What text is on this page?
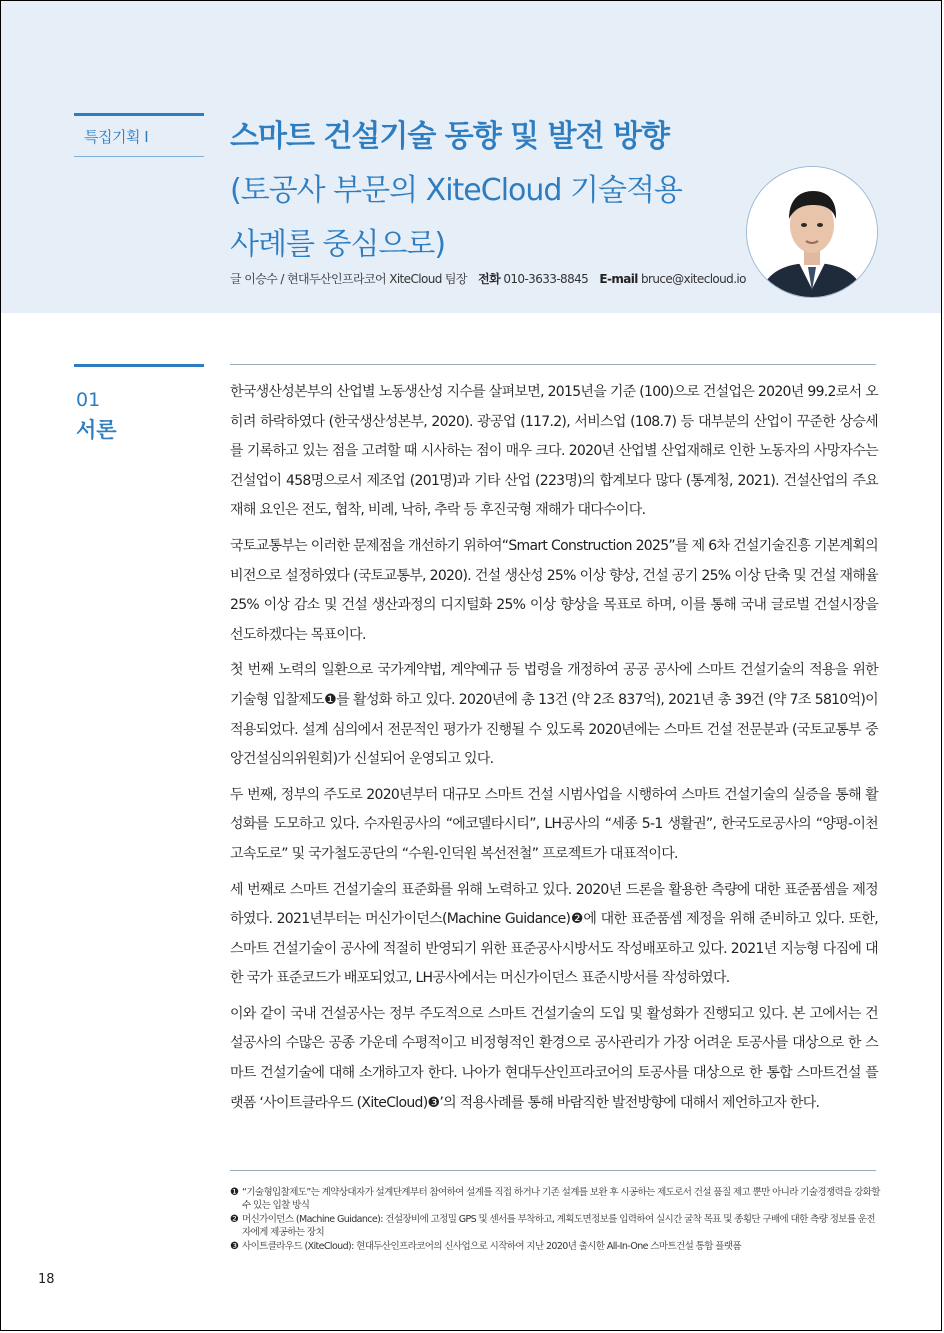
특집기획 I	스마트 건설기술 동향 및 발전 방향
(토공사 부문의 XiteCloud 기술적용
사례를 중심으로)
글 이승수 / 현대두산인프라코어 XiteCloud 팀장 전화 010-3633-8845 E-mail bruce@xitecloud.io
01
서론

한국생산성본부의 산업별 노동생산성 지수를 살펴보면, 2015년을 기준 (100)으로 건설업은 2020년 99.2로서 오히려 하락하였다 (한국생산성본부, 2020). 광공업 (117.2), 서비스업 (108.7) 등 대부분의 산업이 꾸준한 상승세를 기록하고 있는 점을 고려할 때 시사하는 점이 매우 크다. 2020년 산업별 산업재해로 인한 노동자의 사망자수는 건설업이 458명으로서 제조업 (201명)과 기타 산업 (223명)의 합계보다 많다 (통계청, 2021). 건설산업의 주요 재해 요인은 전도, 협착, 비례, 낙하, 추락 등 후진국형 재해가 대다수이다.

국토교통부는 이러한 문제점을 개선하기 위하여“Smart Construction 2025”를 제 6차 건설기술진흥 기본계획의 비전으로 설정하였다 (국토교통부, 2020). 건설 생산성 25% 이상 향상, 건설 공기 25% 이상 단축 및 건설 재해율 25% 이상 감소 및 건설 생산과정의 디지털화 25% 이상 향상을 목표로 하며, 이를 통해 국내 글로벌 건설시장을 선도하겠다는 목표이다.

첫 번째 노력의 일환으로 국가계약법, 계약예규 등 법령을 개정하여 공공 공사에 스마트 건설기술의 적용을 위한 기술형 입찰제도❶를 활성화 하고 있다. 2020년에 총 13건 (약 2조 837억), 2021년 총 39건 (약 7조 5810억)이 적용되었다. 설계 심의에서 전문적인 평가가 진행될 수 있도록 2020년에는 스마트 건설 전문분과 (국토교통부 중앙건설심의위원회)가 신설되어 운영되고 있다.

두 번째, 정부의 주도로 2020년부터 대규모 스마트 건설 시범사업을 시행하여 스마트 건설기술의 실증을 통해 활성화를 도모하고 있다. 수자원공사의 “에코델타시티”, LH공사의 “세종 5-1 생활권”, 한국도로공사의 “양평-이천 고속도로” 및 국가철도공단의 “수원-인덕원 복선전철” 프로젝트가 대표적이다.

세 번째로 스마트 건설기술의 표준화를 위해 노력하고 있다. 2020년 드론을 활용한 측량에 대한 표준품셈을 제정하였다. 2021년부터는 머신가이던스(Machine Guidance)❷에 대한 표준품셈 제정을 위해 준비하고 있다. 또한, 스마트 건설기술이 공사에 적절히 반영되기 위한 표준공사시방서도 작성배포하고 있다. 2021년 지능형 다짐에 대한 국가 표준코드가 배포되었고, LH공사에서는 머신가이던스 표준시방서를 작성하였다.

이와 같이 국내 건설공사는 정부 주도적으로 스마트 건설기술의 도입 및 활성화가 진행되고 있다. 본 고에서는 건설공사의 수많은 공종 가운데 수평적이고 비정형적인 환경으로 공사관리가 가장 어려운 토공사를 대상으로 한 스마트 건설기술에 대해 소개하고자 한다. 나아가 현대두산인프라코어의 토공사를 대상으로 한 통합 스마트건설 플랫폼 ‘사이트클라우드 (XiteCloud)❸’의 적용사례를 통해 바람직한 발전방향에 대해서 제언하고자 한다.

❶ “기술형입찰제도”는 계약상대자가 설계단계부터 참여하여 설계를 직접 하거나 기존 설계를 보완 후 시공하는 제도로서 건설 품질 제고 뿐만 아니라 기술경쟁력을 강화할 수 있는 입찰 방식
❷ 머신가이던스 (Machine Guidance): 건설장비에 고정밀 GPS 및 센서를 부착하고, 계획도면정보를 입력하여 실시간 굴착 목표 및 종횡단 구배에 대한 측량 정보를 운전자에게 제공하는 장치
❸ 사이트클라우드 (XiteCloud): 현대두산인프라코어의 신사업으로 시작하여 지난 2020년 출시한 All-In-One 스마트건설 통합 플랫폼
18
